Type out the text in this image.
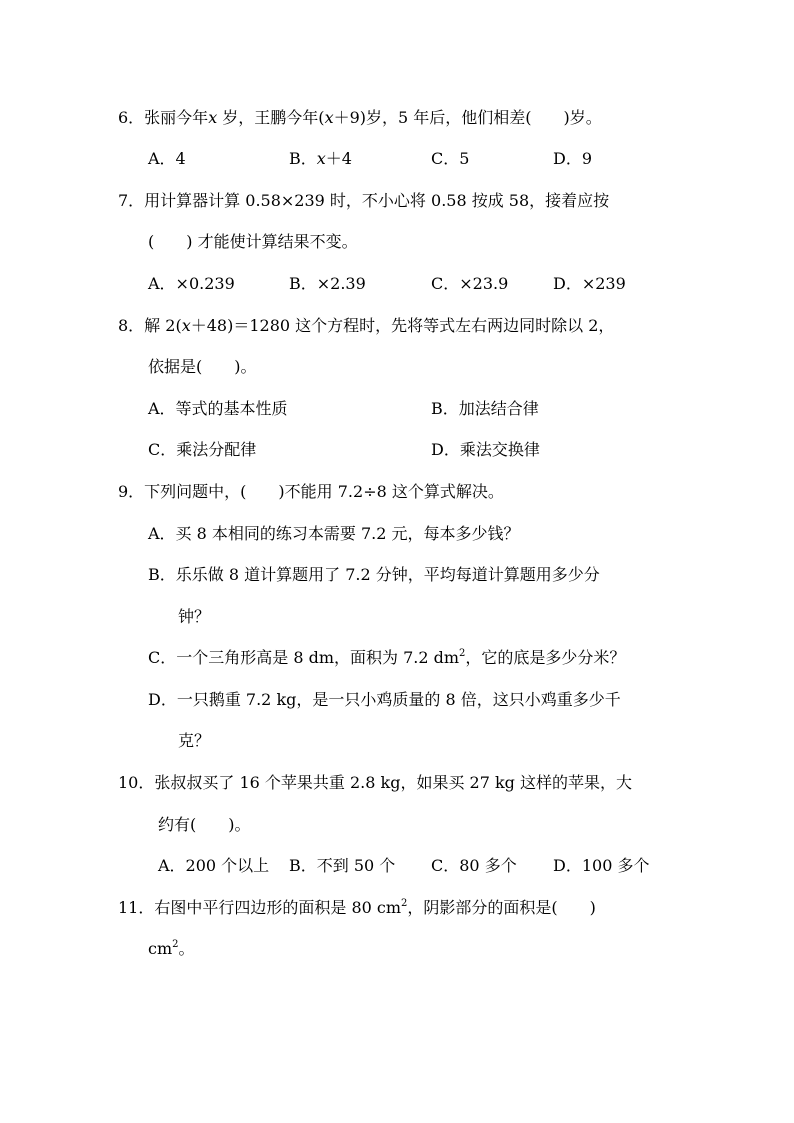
6．张丽今年x 岁，王鹏今年(x＋9)岁，5 年后，他们相差(　　)岁。
A．4	B．x＋4	C．5	D．9
7．用计算器计算 0.58×239 时，不小心将 0.58 按成 58，接着应按
(　　) 才能使计算结果不变。
A．×0.239	B．×2.39	C．×23.9	D．×239
8．解 2(x＋48)＝1280 这个方程时，先将等式左右两边同时除以 2，
依据是(　　)。
A．等式的基本性质	B．加法结合律
C．乘法分配律	D．乘法交换律
9．下列问题中，(　　)不能用 7.2÷8 这个算式解决。
A．买 8 本相同的练习本需要 7.2 元，每本多少钱？
B．乐乐做 8 道计算题用了 7.2 分钟，平均每道计算题用多少分
钟？
C．一个三角形高是 8 dm，面积为 7.2 $dm^2$，它的底是多少分米？
D．一只鹅重 7.2 kg，是一只小鸡质量的 8 倍，这只小鸡重多少千
克？
10．张叔叔买了 16 个苹果共重 2.8 kg，如果买 27 kg 这样的苹果，大
约有(　　)。
A．200 个以上 B．不到 50 个 C．80 多个 D．100 多个
11．右图中平行四边形的面积是 80 $cm^2$，阴影部分的面积是(　　)
$cm^2$。
